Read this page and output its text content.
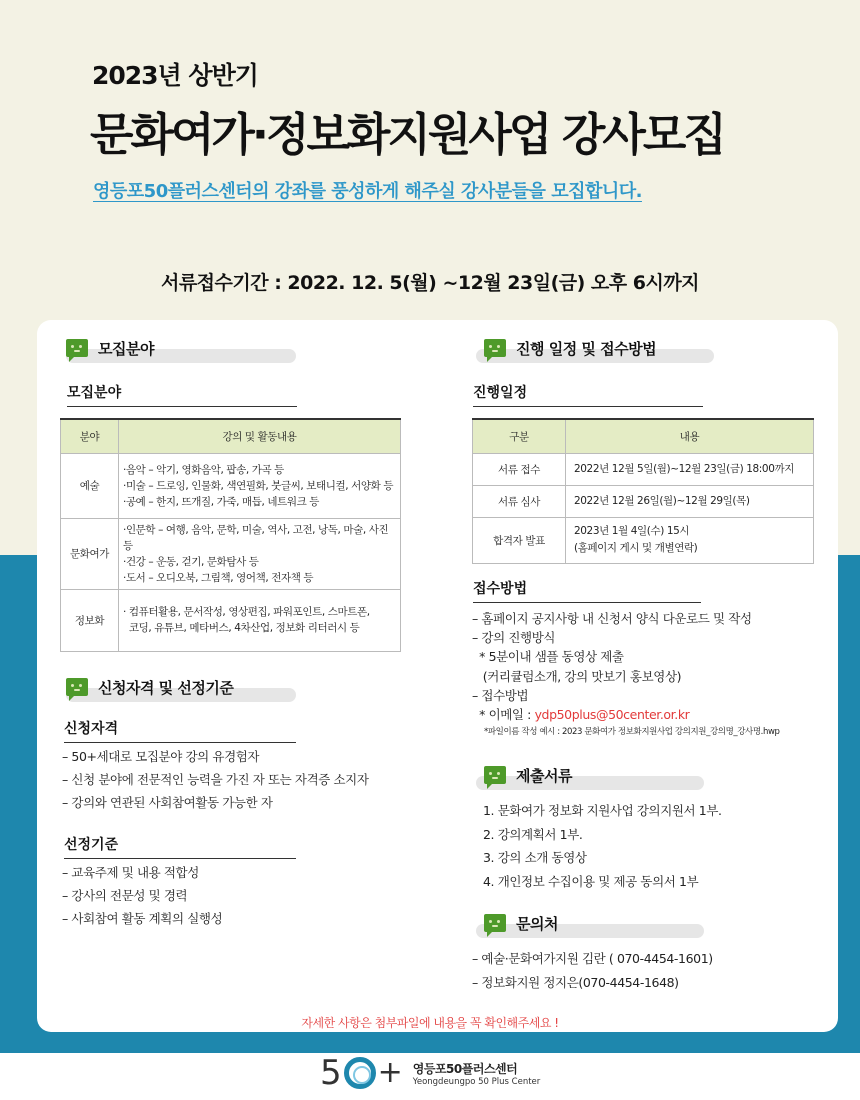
2023년 상반기
문화여가·정보화지원사업 강사모집
영등포50플러스센터의 강좌를 풍성하게 해주실 강사분들을 모집합니다.
서류접수기간 : 2022. 12. 5(월) ~12월 23일(금) 오후 6시까지
모집분야
모집분야
분야	강의 및 활동내용
예술	·음악 – 악기, 영화음악, 팝송, 가곡 등
·미술 – 드로잉, 인물화, 색연필화, 붓글씨, 보태니컬, 서양화 등
·공예 – 한지, 뜨개질, 가죽, 매듭, 네트워크 등

문화여가	·인문학 – 여행, 음악, 문학, 미술, 역사, 고전, 낭독, 마술, 사진 등
·건강 – 운동, 걷기, 문화탐사 등
·도서 – 오디오북, 그림책, 영어책, 전자책 등

정보화	· 컴퓨터활용, 문서작성, 영상편집, 파워포인트, 스마트폰,
코딩, 유튜브, 메타버스, 4차산업, 정보화 리터러시 등
신청자격 및 선정기준
신청자격
– 50+세대로 모집분야 강의 유경험자
– 신청 분야에 전문적인 능력을 가진 자 또는 자격증 소지자
– 강의와 연관된 사회참여활동 가능한 자
선정기준
– 교육주제 및 내용 적합성
– 강사의 전문성 및 경력
– 사회참여 활동 계획의 실행성
진행 일정 및 접수방법
진행일정
구분	내용
서류 접수	2022년 12월 5일(월)~12월 23일(금) 18:00까지
서류 심사	2022년 12월 26일(월)~12월 29일(목)
합격자 발표	2023년 1월 4일(수) 15시
(홈페이지 게시 및 개별연락)
접수방법
– 홈페이지 공지사항 내 신청서 양식 다운로드 및 작성
– 강의 진행방식
* 5분이내 샘플 동영상 제출
(커리큘럼소개, 강의 맛보기 홍보영상)
– 접수방법
* 이메일 : ydp50plus@50center.or.kr
*파일이름 작성 예시 : 2023 문화여가 정보화지원사업 강의지원_강의명_강사명.hwp
제출서류
1. 문화여가 정보화 지원사업 강의지원서 1부.
2. 강의계획서 1부.
3. 강의 소개 동영상
4. 개인정보 수집이용 및 제공 동의서 1부
문의처
– 예술·문화여가지원 김란 ( 070-4454-1601)
– 정보화지원 정지은(070-4454-1648)
자세한 사항은 첨부파일에 내용을 꼭 확인해주세요 !
5 + 영등포50플러스센터
Yeongdeungpo 50 Plus Center
